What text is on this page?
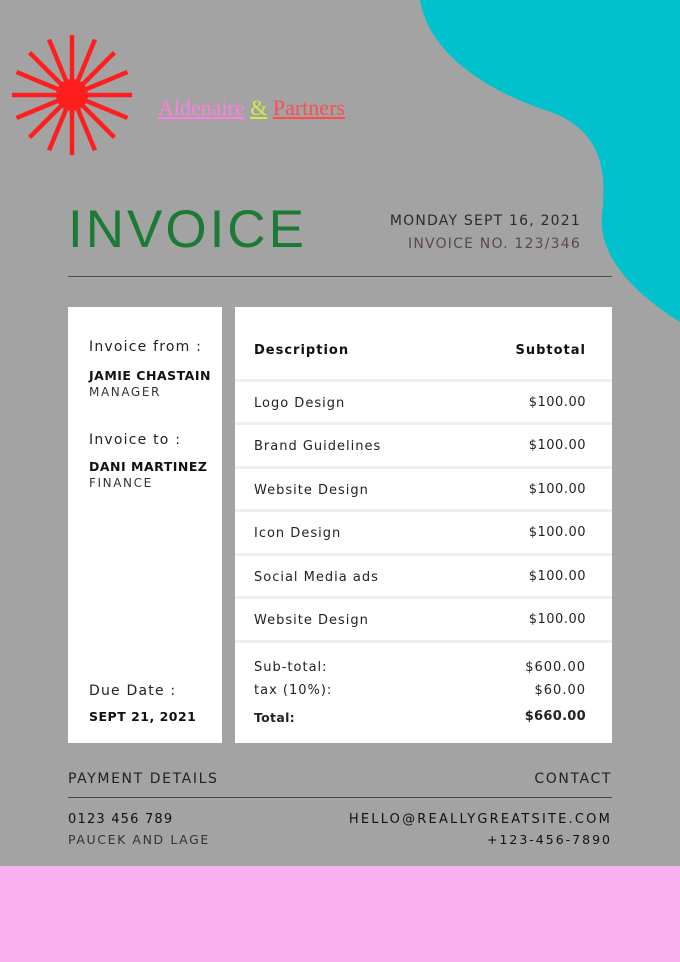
Aldenaire & Partners
INVOICE	MONDAY SEPT 16, 2021
INVOICE NO. 123/346
Invoice from :
JAMIE CHASTAIN
MANAGER
Invoice to :
DANI MARTINEZ
FINANCE
Due Date :
SEPT 21, 2021
Description	Subtotal
Logo Design	$100.00
Brand Guidelines	$100.00
Website Design	$100.00
Icon Design	$100.00
Social Media ads	$100.00
Website Design	$100.00
Sub-total:	$600.00
tax (10%):	$60.00
Total:	$660.00
PAYMENT DETAILS	CONTACT
0123 456 789
PAUCEK AND LAGE
HELLO@REALLYGREATSITE.COM
+123-456-7890
